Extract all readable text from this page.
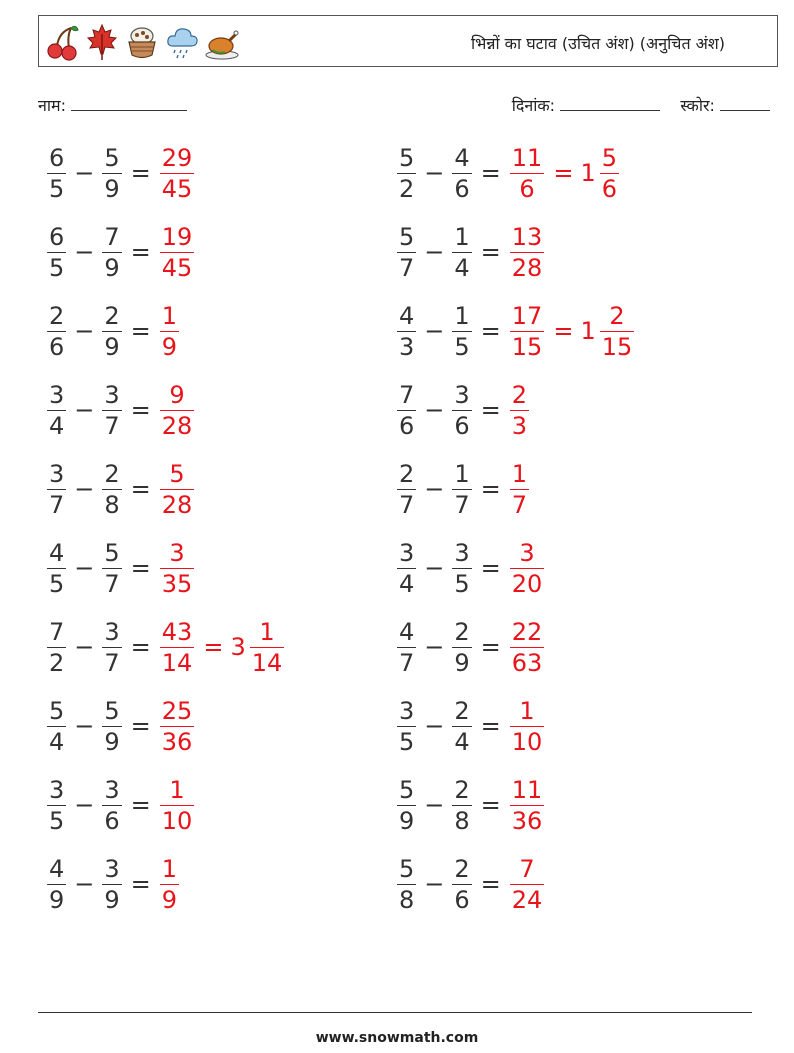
भिन्नों का घटाव (उचित अंश) (अनुचित अंश)
नाम:	दिनांक:	स्कोर:
$\frac{6}{5} - \frac{5}{9} = \frac{29}{45}$	$\frac{5}{2} - \frac{4}{6} = \frac{11}{6} = 1 \frac{5}{6}$
$\frac{6}{5} - \frac{7}{9} = \frac{19}{45}$	$\frac{5}{7} - \frac{1}{4} = \frac{13}{28}$
$\frac{2}{6} - \frac{2}{9} = \frac{1}{9}$	$\frac{4}{3} - \frac{1}{5} = \frac{17}{15} = 1 \frac{2}{15}$
$\frac{3}{4} - \frac{3}{7} = \frac{9}{28}$	$\frac{7}{6} - \frac{3}{6} = \frac{2}{3}$
$\frac{3}{7} - \frac{2}{8} = \frac{5}{28}$	$\frac{2}{7} - \frac{1}{7} = \frac{1}{7}$
$\frac{4}{5} - \frac{5}{7} = \frac{3}{35}$	$\frac{3}{4} - \frac{3}{5} = \frac{3}{20}$
$\frac{7}{2} - \frac{3}{7} = \frac{43}{14} = 3 \frac{1}{14}$	$\frac{4}{7} - \frac{2}{9} = \frac{22}{63}$
$\frac{5}{4} - \frac{5}{9} = \frac{25}{36}$	$\frac{3}{5} - \frac{2}{4} = \frac{1}{10}$
$\frac{3}{5} - \frac{3}{6} = \frac{1}{10}$	$\frac{5}{9} - \frac{2}{8} = \frac{11}{36}$
$\frac{4}{9} - \frac{3}{9} = \frac{1}{9}$	$\frac{5}{8} - \frac{2}{6} = \frac{7}{24}$
www.snowmath.com
